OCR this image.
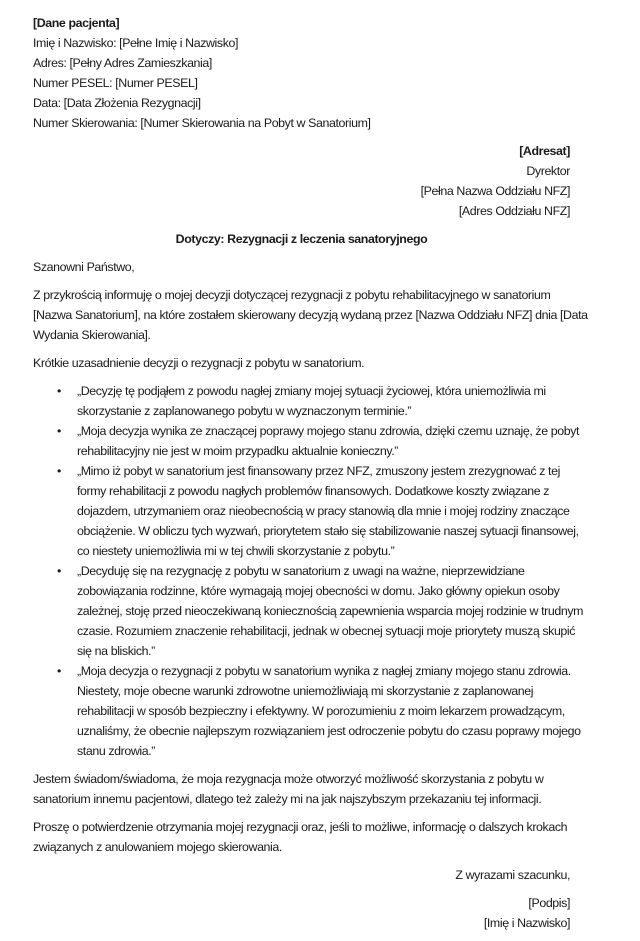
[Dane pacjenta]
Imię i Nazwisko: [Pełne Imię i Nazwisko]
Adres: [Pełny Adres Zamieszkania]
Numer PESEL: [Numer PESEL]
Data: [Data Złożenia Rezygnacji]
Numer Skierowania: [Numer Skierowania na Pobyt w Sanatorium]
[Adresat]
Dyrektor
[Pełna Nazwa Oddziału NFZ]
[Adres Oddziału NFZ]

Dotyczy: Rezygnacji z leczenia sanatoryjnego

Szanowni Państwo,

Z przykrością informuję o mojej decyzji dotyczącej rezygnacji z pobytu rehabilitacyjnego w sanatorium [Nazwa Sanatorium], na które zostałem skierowany decyzją wydaną przez [Nazwa Oddziału NFZ] dnia [Data Wydania Skierowania].

Krótkie uzasadnienie decyzji o rezygnacji z pobytu w sanatorium.

• „Decyzję tę podjąłem z powodu nagłej zmiany mojej sytuacji życiowej, która uniemożliwia mi skorzystanie z zaplanowanego pobytu w wyznaczonym terminie.”
• „Moja decyzja wynika ze znaczącej poprawy mojego stanu zdrowia, dzięki czemu uznaję, że pobyt rehabilitacyjny nie jest w moim przypadku aktualnie konieczny.”
• „Mimo iż pobyt w sanatorium jest finansowany przez NFZ, zmuszony jestem zrezygnować z tej formy rehabilitacji z powodu nagłych problemów finansowych. Dodatkowe koszty związane z dojazdem, utrzymaniem oraz nieobecnością w pracy stanowią dla mnie i mojej rodziny znaczące obciążenie. W obliczu tych wyzwań, priorytetem stało się stabilizowanie naszej sytuacji finansowej, co niestety uniemożliwia mi w tej chwili skorzystanie z pobytu.”
• „Decyduję się na rezygnację z pobytu w sanatorium z uwagi na ważne, nieprzewidziane zobowiązania rodzinne, które wymagają mojej obecności w domu. Jako główny opiekun osoby zależnej, stoję przed nieoczekiwaną koniecznością zapewnienia wsparcia mojej rodzinie w trudnym czasie. Rozumiem znaczenie rehabilitacji, jednak w obecnej sytuacji moje priorytety muszą skupić się na bliskich.”
• „Moja decyzja o rezygnacji z pobytu w sanatorium wynika z nagłej zmiany mojego stanu zdrowia. Niestety, moje obecne warunki zdrowotne uniemożliwiają mi skorzystanie z zaplanowanej rehabilitacji w sposób bezpieczny i efektywny. W porozumieniu z moim lekarzem prowadzącym, uznaliśmy, że obecnie najlepszym rozwiązaniem jest odroczenie pobytu do czasu poprawy mojego stanu zdrowia.”

Jestem świadom/świadoma, że moja rezygnacja może otworzyć możliwość skorzystania z pobytu w sanatorium innemu pacjentowi, dlatego też zależy mi na jak najszybszym przekazaniu tej informacji.

Proszę o potwierdzenie otrzymania mojej rezygnacji oraz, jeśli to możliwe, informację o dalszych krokach związanych z anulowaniem mojego skierowania.

Z wyrazami szacunku,

[Podpis]
[Imię i Nazwisko]
